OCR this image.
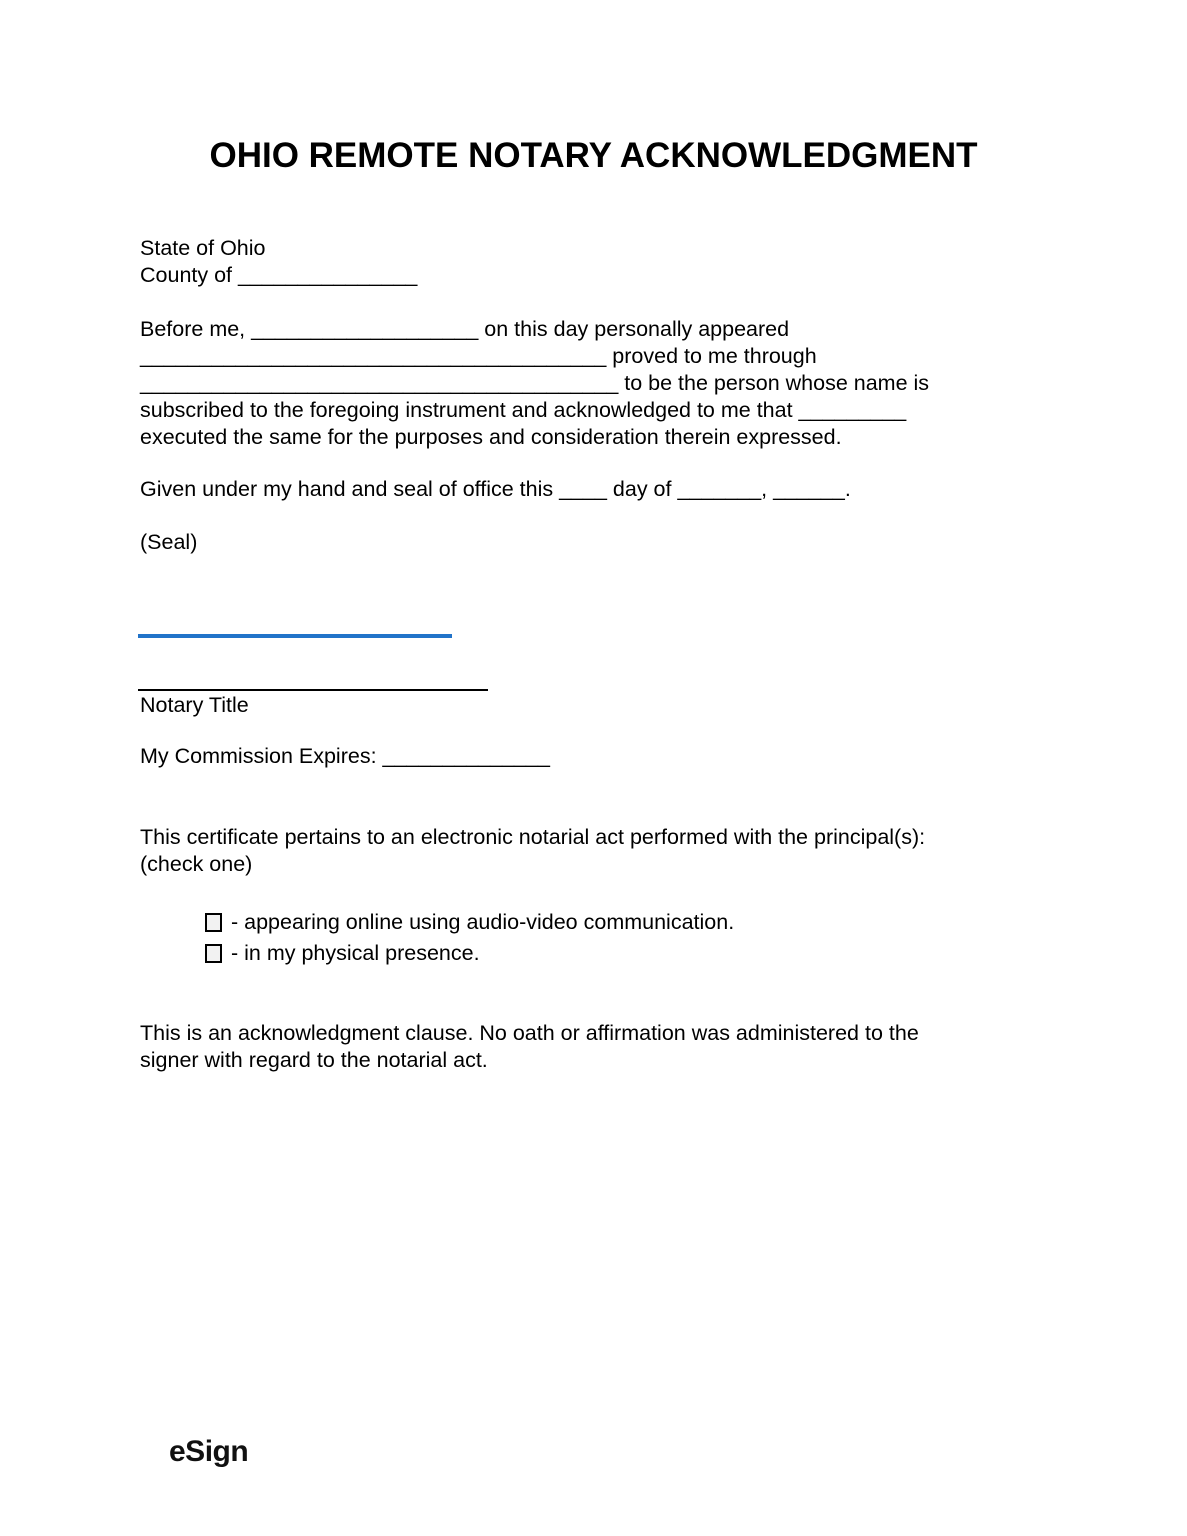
OHIO REMOTE NOTARY ACKNOWLEDGMENT
State of Ohio
County of _______________
Before me, ___________________ on this day personally appeared
_______________________________________ proved to me through
________________________________________ to be the person whose name is
subscribed to the foregoing instrument and acknowledged to me that _________
executed the same for the purposes and consideration therein expressed.
Given under my hand and seal of office this ____ day of _______, ______.
(Seal)
Notary Title
My Commission Expires: ______________
This certificate pertains to an electronic notarial act performed with the principal(s):
(check one)
- appearing online using audio-video communication.
- in my physical presence.
This is an acknowledgment clause. No oath or affirmation was administered to the
signer with regard to the notarial act.
eSign
